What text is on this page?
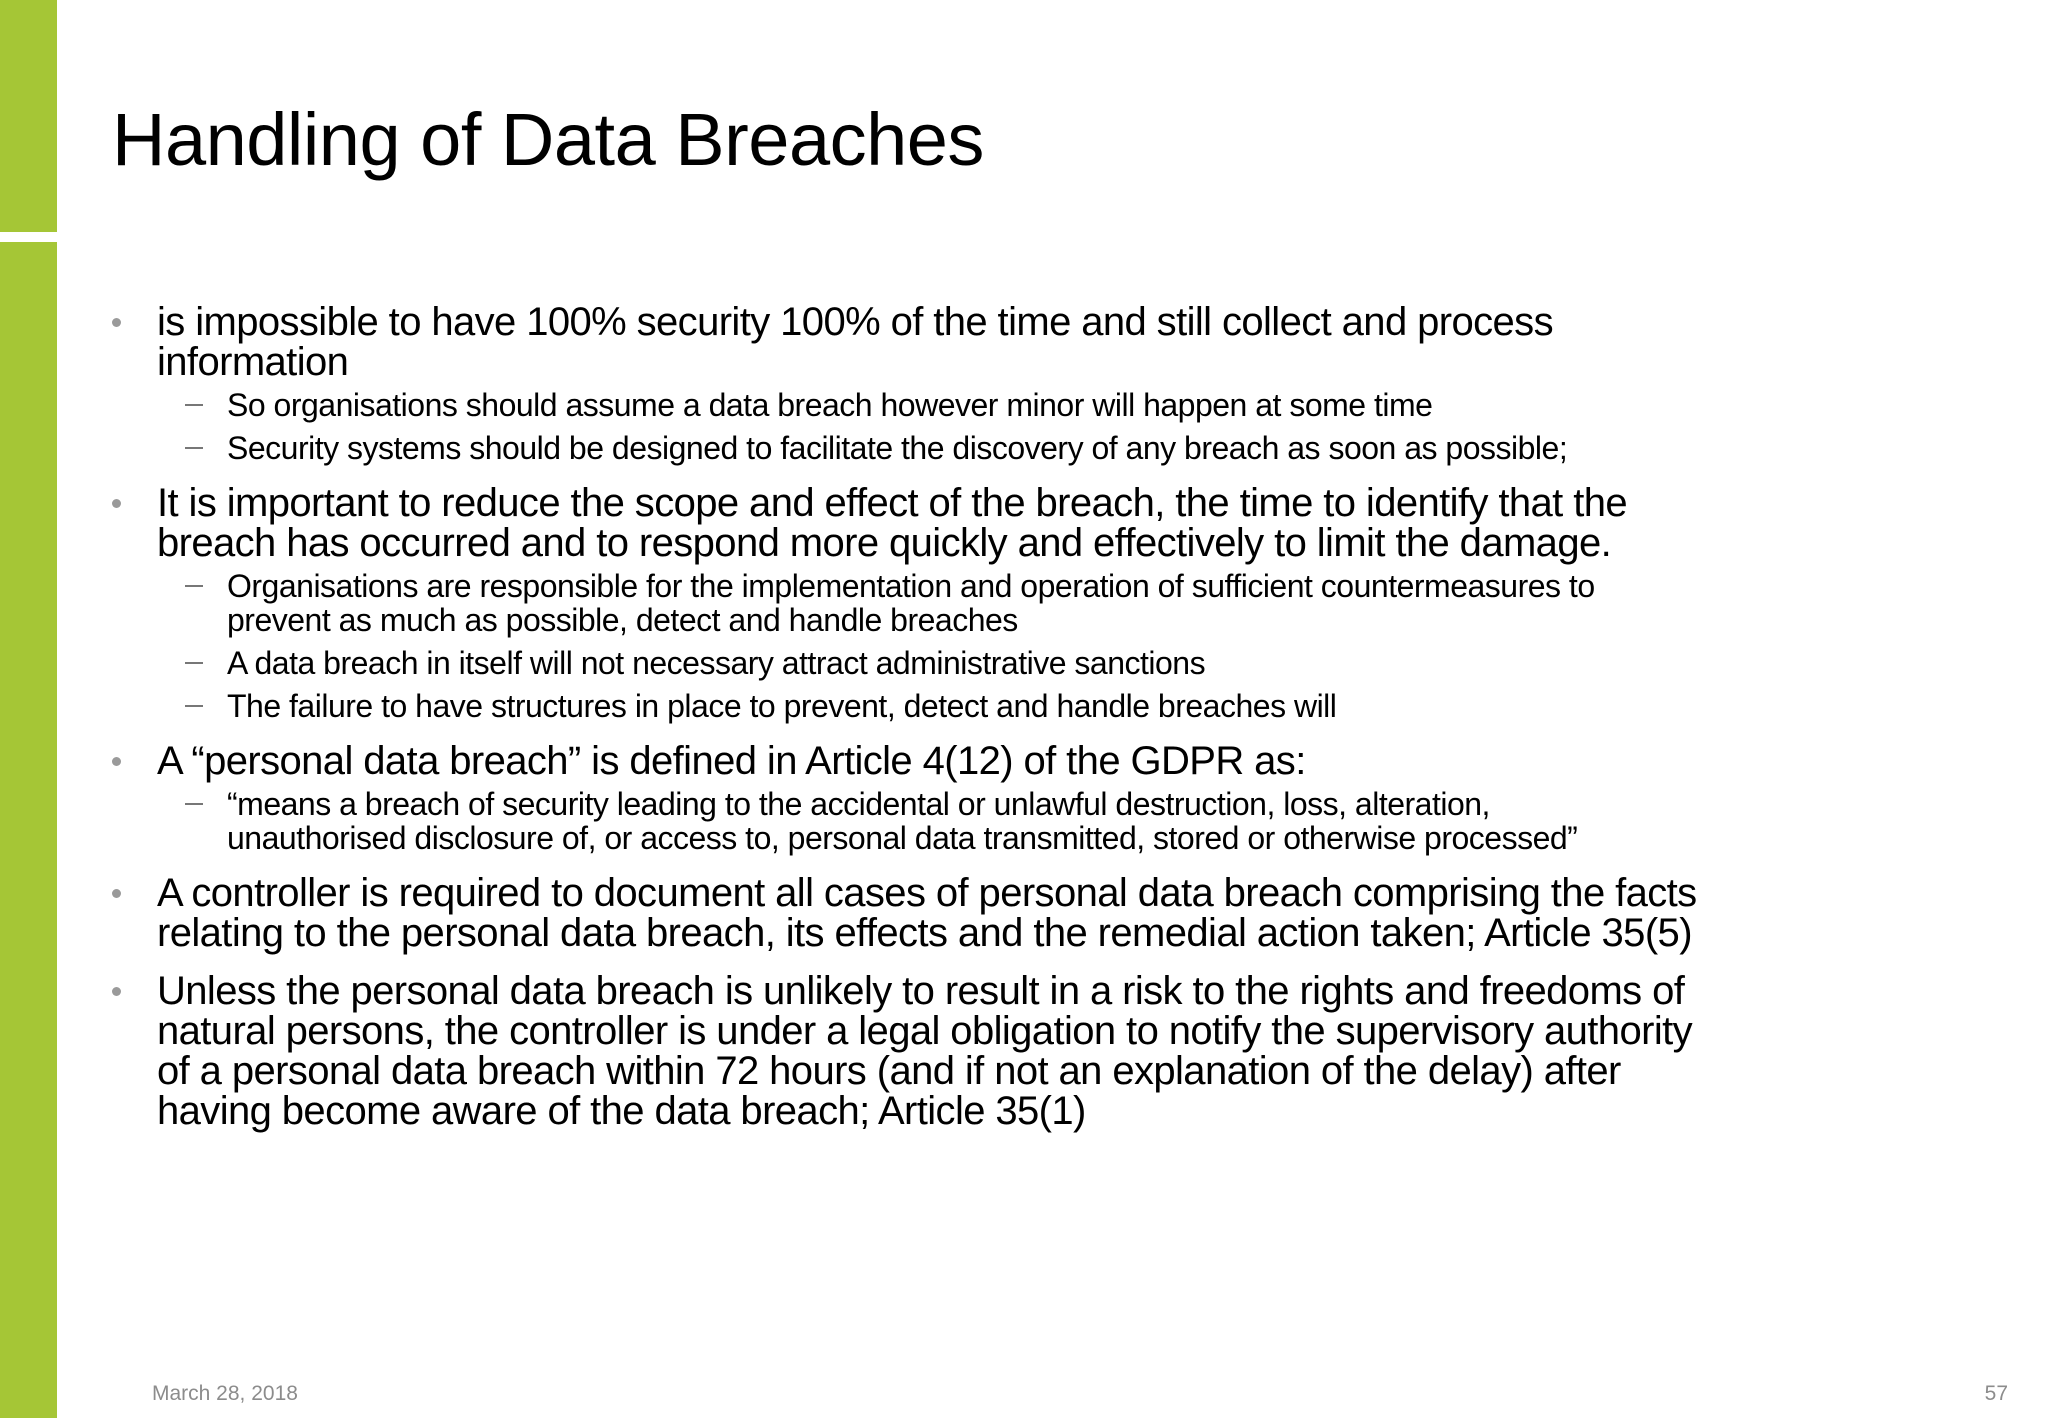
Handling of Data Breaches
is impossible to have 100% security 100% of the time and still collect and process
information
So organisations should assume a data breach however minor will happen at some time
Security systems should be designed to facilitate the discovery of any breach as soon as possible;
It is important to reduce the scope and effect of the breach, the time to identify that the
breach has occurred and to respond more quickly and effectively to limit the damage.
Organisations are responsible for the implementation and operation of sufficient countermeasures to
prevent as much as possible, detect and handle breaches
A data breach in itself will not necessary attract administrative sanctions
The failure to have structures in place to prevent, detect and handle breaches will
A “personal data breach” is defined in Article 4(12) of the GDPR as:
“means a breach of security leading to the accidental or unlawful destruction, loss, alteration,
unauthorised disclosure of, or access to, personal data transmitted, stored or otherwise processed”
A controller is required to document all cases of personal data breach comprising the facts
relating to the personal data breach, its effects and the remedial action taken; Article 35(5)
Unless the personal data breach is unlikely to result in a risk to the rights and freedoms of
natural persons, the controller is under a legal obligation to notify the supervisory authority
of a personal data breach within 72 hours (and if not an explanation of the delay) after
having become aware of the data breach; Article 35(1)
March 28, 2018	57
